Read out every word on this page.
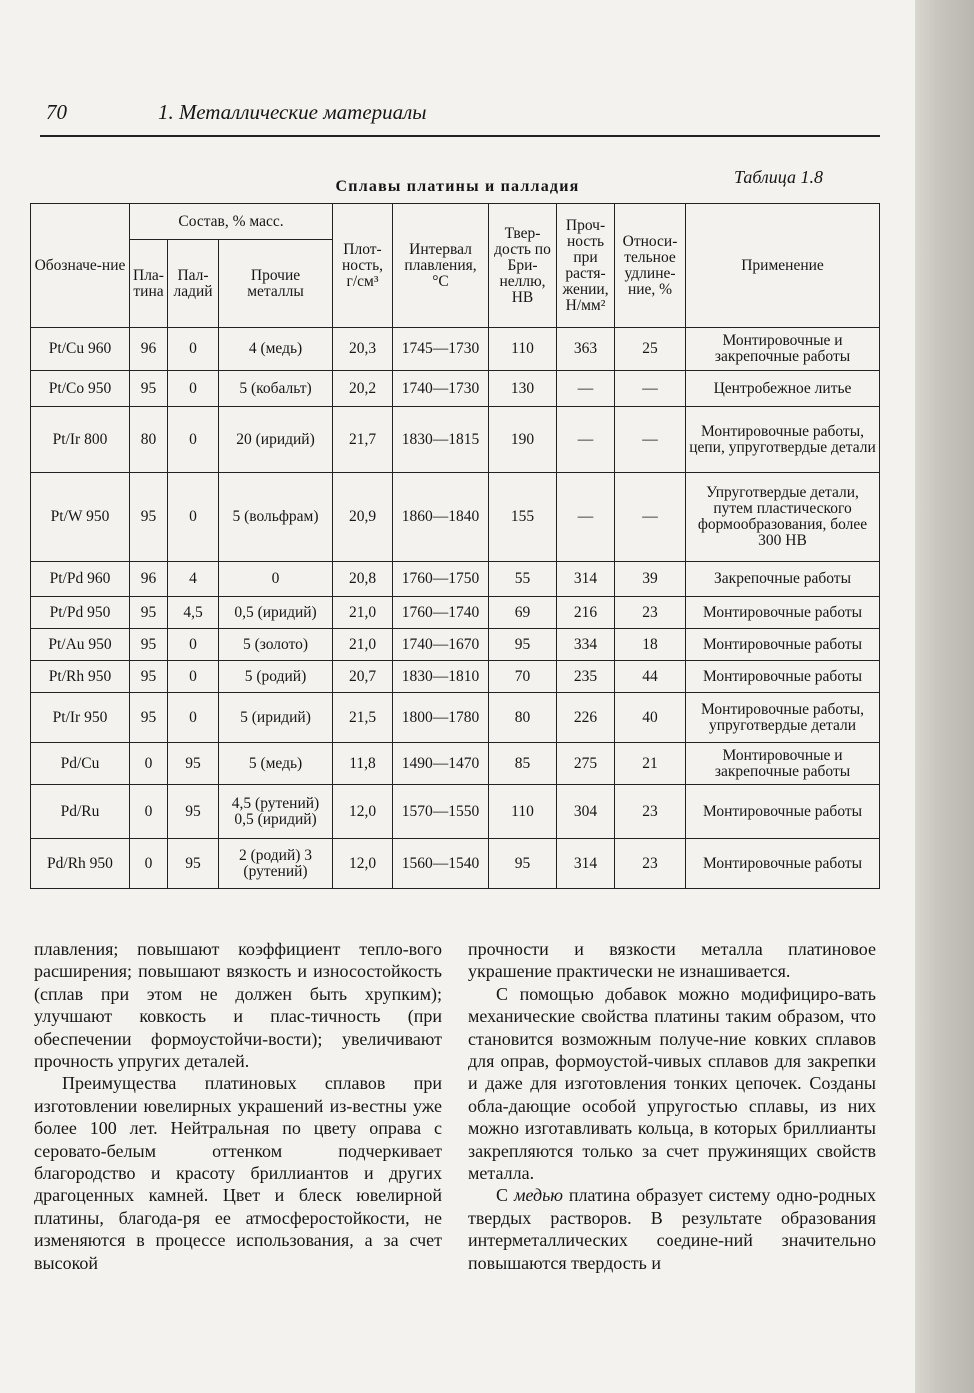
70	1. Металлические материалы
Таблица 1.8
Сплавы платины и палладия
Обозначе-ние	Состав, % масс.			Плот-ность, г/см³	Интервал плавления, °С	Твер-дость по Бри-неллю, НВ	Проч-ность при растя-жении, Н/мм²	Относи-тельное удлине-ние, %	Применение
	Пла-тина	Пал-ладий	Прочие металлы						
Pt/Cu 960	96	0	4 (медь)	20,3	1745—1730	110	363	25	Монтировочные и закрепочные работы
Pt/Co 950	95	0	5 (кобальт)	20,2	1740—1730	130	—	—	Центробежное литье
Pt/Ir 800	80	0	20 (иридий)	21,7	1830—1815	190	—	—	Монтировочные работы, цепи, упруготвердые детали
Pt/W 950	95	0	5 (вольфрам)	20,9	1860—1840	155	—	—	Упруготвердые детали, путем пластического формообразования, более 300 НВ
Pt/Pd 960	96	4	0	20,8	1760—1750	55	314	39	Закрепочные работы
Pt/Pd 950	95	4,5	0,5 (иридий)	21,0	1760—1740	69	216	23	Монтировочные работы
Pt/Au 950	95	0	5 (золото)	21,0	1740—1670	95	334	18	Монтировочные работы
Pt/Rh 950	95	0	5 (родий)	20,7	1830—1810	70	235	44	Монтировочные работы
Pt/Ir 950	95	0	5 (иридий)	21,5	1800—1780	80	226	40	Монтировочные работы, упруготвердые детали
Pd/Cu	0	95	5 (медь)	11,8	1490—1470	85	275	21	Монтировочные и закрепочные работы
Pd/Ru	0	95	4,5 (рутений) 0,5 (иридий)	12,0	1570—1550	110	304	23	Монтировочные работы
Pd/Rh 950	0	95	2 (родий) 3 (рутений)	12,0	1560—1540	95	314	23	Монтировочные работы

плавления; повышают коэффициент тепло-вого расширения; повышают вязкость и износостойкость (сплав при этом не должен быть хрупким); улучшают ковкость и плас-тичность (при обеспечении формоустойчи-вости); увеличивают прочность упругих деталей.

Преимущества платиновых сплавов при изготовлении ювелирных украшений из-вестны уже более 100 лет. Нейтральная по цвету оправа с серовато-белым оттенком подчеркивает благородство и красоту бриллиантов и других драгоценных камней. Цвет и блеск ювелирной платины, благода-ря ее атмосферостойкости, не изменяются в процессе использования, а за счет высокой

прочности и вязкости металла платиновое украшение практически не изнашивается.

С помощью добавок можно модифициро-вать механические свойства платины таким образом, что становится возможным получе-ние ковких сплавов для оправ, формоустой-чивых сплавов для закрепки и даже для изготовления тонких цепочек. Созданы обла-дающие особой упругостью сплавы, из них можно изготавливать кольца, в которых бриллианты закрепляются только за счет пружинящих свойств металла.

С медью платина образует систему одно-родных твердых растворов. В результате образования интерметаллических соедине-ний значительно повышаются твердость и
